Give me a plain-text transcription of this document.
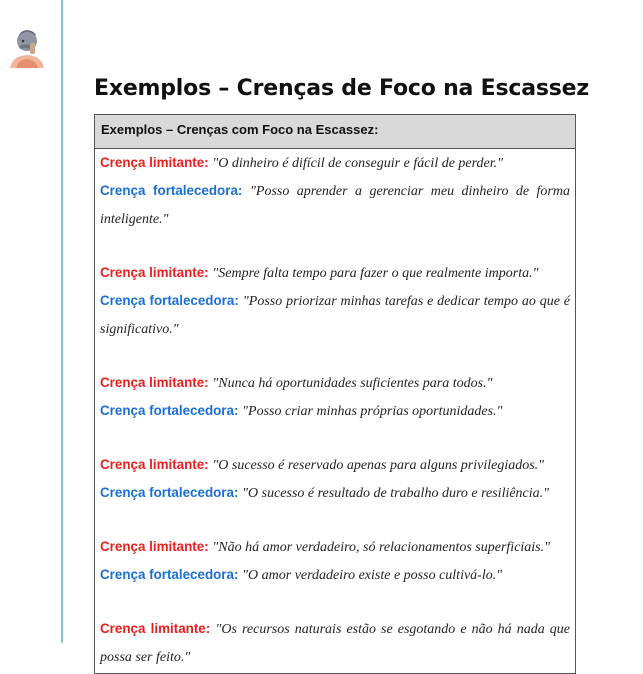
Exemplos – Crenças de Foco na Escassez
Exemplos – Crenças com Foco na Escassez:
Crença limitante: "O dinheiro é difícil de conseguir e fácil de perder."
Crença fortalecedora: "Posso aprender a gerenciar meu dinheiro de forma inteligente."
Crença limitante: "Sempre falta tempo para fazer o que realmente importa."
Crença fortalecedora: "Posso priorizar minhas tarefas e dedicar tempo ao que é significativo."
Crença limitante: "Nunca há oportunidades suficientes para todos."
Crença fortalecedora: "Posso criar minhas próprias oportunidades."
Crença limitante: "O sucesso é reservado apenas para alguns privilegiados."
Crença fortalecedora: "O sucesso é resultado de trabalho duro e resiliência."
Crença limitante: "Não há amor verdadeiro, só relacionamentos superficiais."
Crença fortalecedora: "O amor verdadeiro existe e posso cultivá-lo."
Crença limitante: "Os recursos naturais estão se esgotando e não há nada que possa ser feito."
